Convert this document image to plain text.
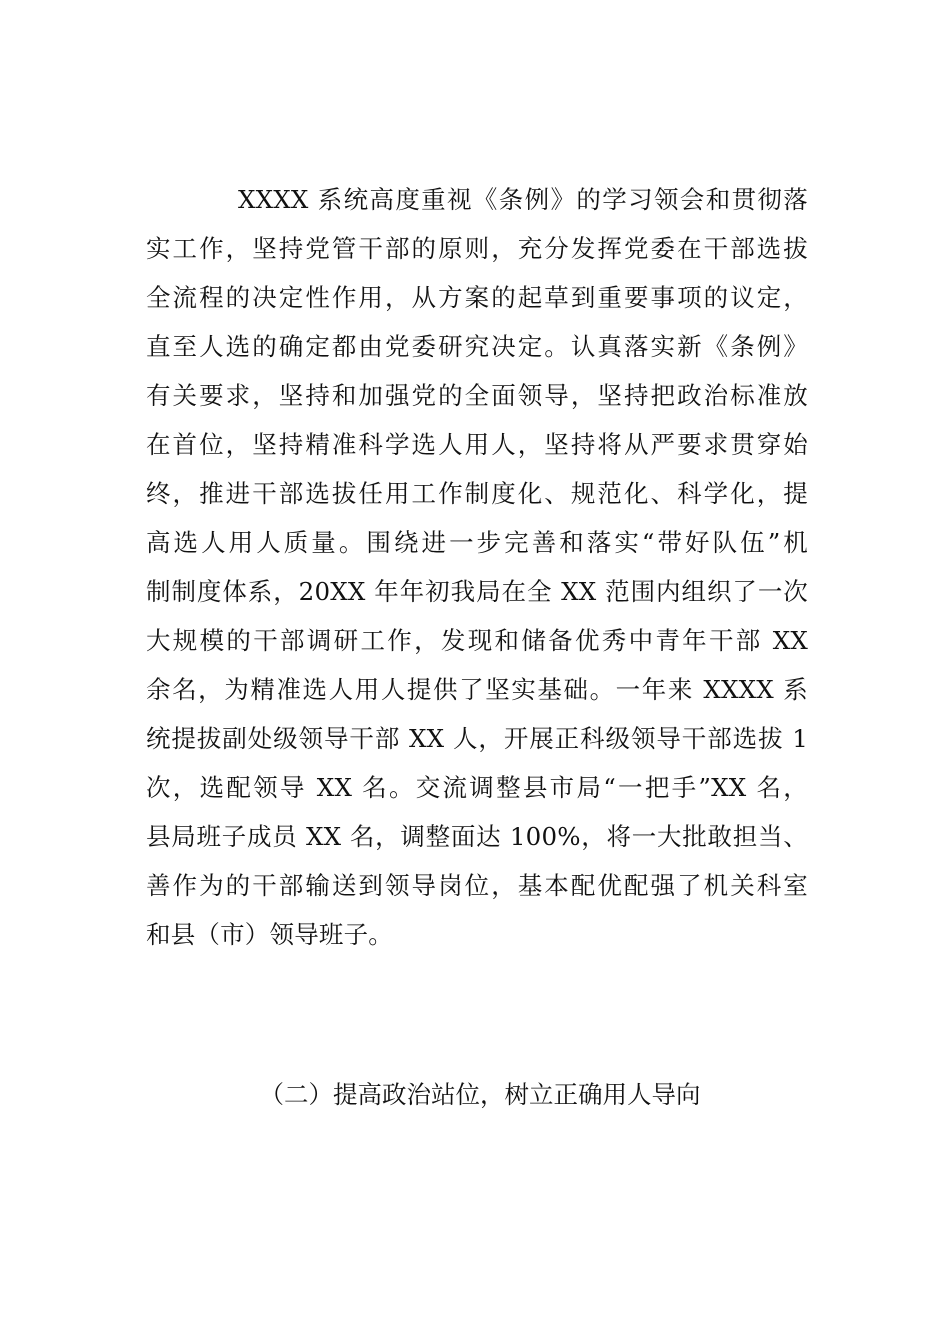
XXXX 系统高度重视《条例》的学习领会和贯彻落
实工作，坚持党管干部的原则，充分发挥党委在干部选拔
全流程的决定性作用，从方案的起草到重要事项的议定，
直至人选的确定都由党委研究决定。认真落实新《条例》
有关要求，坚持和加强党的全面领导，坚持把政治标准放
在首位，坚持精准科学选人用人，坚持将从严要求贯穿始
终，推进干部选拔任用工作制度化、规范化、科学化，提
高选人用人质量。围绕进一步完善和落实“带好队伍”机
制制度体系，20XX 年年初我局在全 XX 范围内组织了一次
大规模的干部调研工作，发现和储备优秀中青年干部 XX
余名，为精准选人用人提供了坚实基础。一年来 XXXX 系
统提拔副处级领导干部 XX 人，开展正科级领导干部选拔 1
次，选配领导 XX 名。交流调整县市局“一把手”XX 名，
县局班子成员 XX 名，调整面达 100%，将一大批敢担当、
善作为的干部输送到领导岗位，基本配优配强了机关科室
和县（市）领导班子。
（二）提高政治站位，树立正确用人导向
